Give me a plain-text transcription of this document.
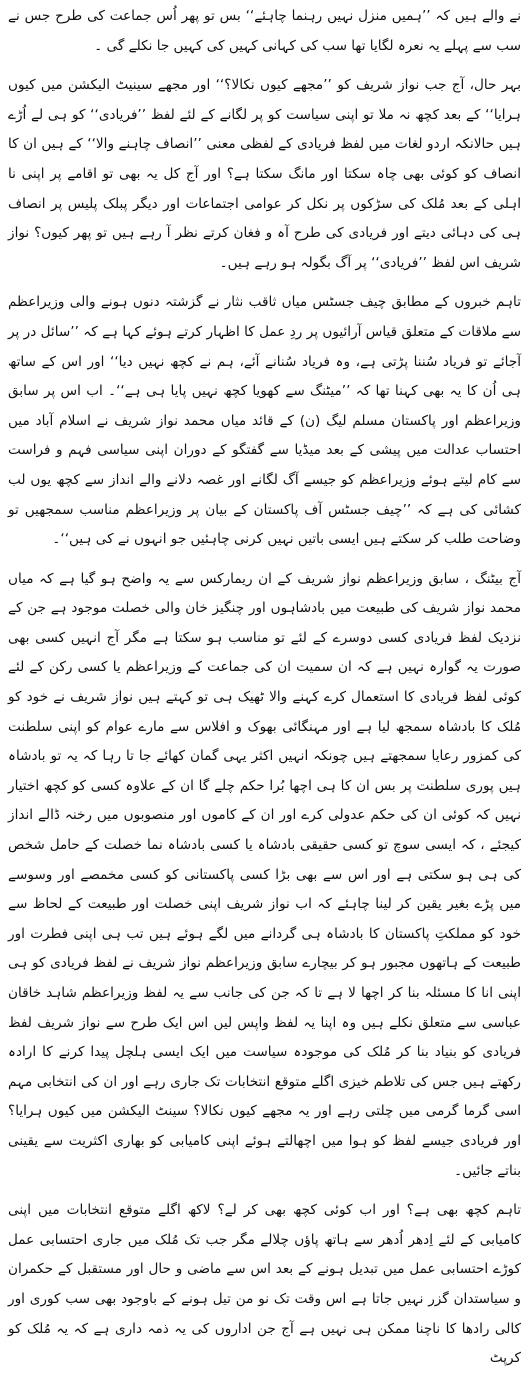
نے والے ہیں کہ ’’ہمیں منزل نہیں رہنما چاہئے‘‘ بس تو پھر اُس جماعت کی طرح جس نے سب سے پہلے یہ نعرہ لگایا تھا سب کی کہانی کہیں کی کہیں جا نکلے گی ۔

بہر حال، آج جب نواز شریف کو ’’مجھے کیوں نکالا؟‘‘ اور مجھے سینیٹ الیکشن میں کیوں ہرایا‘‘ کے بعد کچھ نہ ملا تو اپنی سیاست کو پر لگانے کے لئے لفظ ’’فریادی‘‘ کو ہی لے اُڑے ہیں حالانکہ اردو لغات میں لفظ فریادی کے لفظی معنی ’’انصاف چاہنے والا‘‘ کے ہیں ان کا انصاف کو کوئی بھی چاہ سکتا اور مانگ سکتا ہے؟ اور آج کل یہ بھی تو اقامے پر اپنی نا اہلی کے بعد مُلک کی سڑکوں پر نکل کر عوامی اجتماعات اور دیگر پبلک پلیس پر انصاف ہی کی دہائی دیتے اور فریادی کی طرح آہ و فغان کرتے نظر آ رہے ہیں تو پھر کیوں؟ نواز شریف اس لفظ ’’فریادی‘‘ پر آگ بگولہ ہو رہے ہیں۔

تاہم خبروں کے مطابق چیف جسٹس میاں ثاقب نثار نے گزشتہ دنوں ہونے والی وزیراعظم سے ملاقات کے متعلق قیاس آرائیوں پر ردِ عمل کا اظہار کرتے ہوئے کہا ہے کہ ’’سائل در پر آجائے تو فریاد سُننا پڑتی ہے، وہ فریاد سُنانے آئے، ہم نے کچھ نہیں دیا‘‘ اور اس کے ساتھ ہی اُن کا یہ بھی کہنا تھا کہ ’’میٹنگ سے کھویا کچھ نہیں پایا ہی ہے‘‘۔ اب اس پر سابق وزیراعظم اور پاکستان مسلم لیگ (ن) کے قائد میاں محمد نواز شریف نے اسلام آباد میں احتساب عدالت میں پیشی کے بعد میڈیا سے گفتگو کے دوران اپنی سیاسی فہم و فراست سے کام لیتے ہوئے وزیراعظم کو جیسے آگ لگانے اور غصہ دلانے والے انداز سے کچھ یوں لب کشائی کی ہے کہ ’’چیف جسٹس آف پاکستان کے بیان پر وزیراعظم مناسب سمجھیں تو وضاحت طلب کر سکتے ہیں ایسی باتیں نہیں کرنی چاہئیں جو انہوں نے کی ہیں‘‘۔

آج بیٹنگ ، سابق وزیراعظم نواز شریف کے ان ریمارکس سے یہ واضح ہو گیا ہے کہ میاں محمد نواز شریف کی طبیعت میں بادشاہوں اور چنگیز خان والی خصلت موجود ہے جن کے نزدیک لفظ فریادی کسی دوسرے کے لئے تو مناسب ہو سکتا ہے مگر آج انہیں کسی بھی صورت یہ گوارہ نہیں ہے کہ ان سمیت ان کی جماعت کے وزیراعظم یا کسی رکن کے لئے کوئی لفظ فریادی کا استعمال کرے کہنے والا ٹھیک ہی تو کہتے ہیں نواز شریف نے خود کو مُلک کا بادشاہ سمجھ لیا ہے اور مہنگائی بھوک و افلاس سے مارے عوام کو اپنی سلطنت کی کمزور رعایا سمجھتے ہیں چونکہ انہیں اکثر یہی گمان کھائے جا تا رہا کہ یہ تو بادشاہ ہیں پوری سلطنت پر بس ان کا ہی اچھا بُرا حکم چلے گا ان کے علاوہ کسی کو کچھ اختیار نہیں کہ کوئی ان کی حکم عدولی کرے اور ان کے کاموں اور منصوبوں میں رخنہ ڈالے انداز کیجئے ، کہ ایسی سوچ تو کسی حقیقی بادشاہ یا کسی بادشاہ نما خصلت کے حامل شخص کی ہی ہو سکتی ہے اور اس سے بھی بڑا کسی پاکستانی کو کسی مخمصے اور وسوسے میں پڑے بغیر یقین کر لینا چاہئے کہ اب نواز شریف اپنی خصلت اور طبیعت کے لحاظ سے خود کو مملکتِ پاکستان کا بادشاہ ہی گردانے میں لگے ہوئے ہیں تب ہی اپنی فطرت اور طبیعت کے ہاتھوں مجبور ہو کر بیچارے سابق وزیراعظم نواز شریف نے لفظ فریادی کو ہی اپنی انا کا مسئلہ بنا کر اچھا لا ہے تا کہ جن کی جانب سے یہ لفظ وزیراعظم شاہد خاقان عباسی سے متعلق نکلے ہیں وہ اپنا یہ لفظ واپس لیں اس ایک طرح سے نواز شریف لفظ فریادی کو بنیاد بنا کر مُلک کی موجودہ سیاست میں ایک ایسی ہلچل پیدا کرنے کا ارادہ رکھتے ہیں جس کی تلاطم خیزی اگلے متوقع انتخابات تک جاری رہے اور ان کی انتخابی مہم اسی گرما گرمی میں چلتی رہے اور یہ مجھے کیوں نکالا؟ سینٹ الیکشن میں کیوں ہرایا؟ اور فریادی جیسے لفظ کو ہوا میں اچھالتے ہوئے اپنی کامیابی کو بھاری اکثریت سے یقینی بناتے جائیں۔

تاہم کچھ بھی ہے؟ اور اب کوئی کچھ بھی کر لے؟ لاکھ اگلے متوقع انتخابات میں اپنی کامیابی کے لئے اِدھر اُدھر سے ہاتھ پاؤں چلالے مگر جب تک مُلک میں جاری احتسابی عمل کوڑے احتسابی عمل میں تبدیل ہونے کے بعد اس سے ماضی و حال اور مستقبل کے حکمران و سیاستدان گزر نہیں جاتا ہے اس وقت تک نو من تیل ہونے کے باوجود بھی سب کوری اور کالی رادھا کا ناچنا ممکن ہی نہیں ہے آج جن اداروں کی یہ ذمہ داری ہے کہ یہ مُلک کو کرپٹ
